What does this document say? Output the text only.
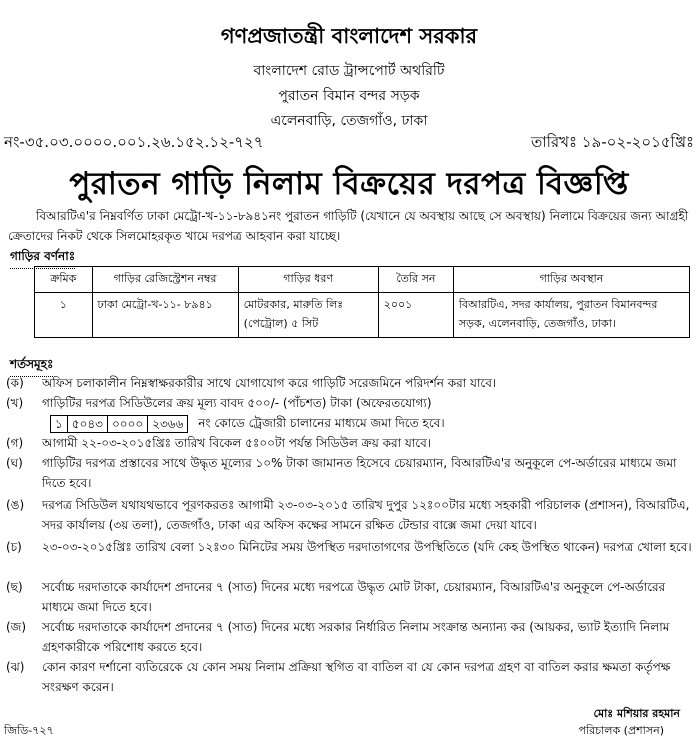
গণপ্রজাতন্ত্রী বাংলাদেশ সরকার
বাংলাদেশ রোড ট্রান্সপোর্ট অথরিটি
পুরাতন বিমান বন্দর সড়ক
এলেনবাড়ি, তেজগাঁও, ঢাকা
নং-৩৫.০৩.০০০০.০০১.২৬.১৫২.১২-৭২৭	তারিখঃ ১৯-০২-২০১৫খ্রিঃ
পুরাতন গাড়ি নিলাম বিক্রয়ের দরপত্র বিজ্ঞপ্তি
বিআরটিএ'র নিম্নবর্ণিত ঢাকা মেট্রো-খ-১১-৮৯৪১নং পুরাতন গাড়িটি (যেখানে যে অবস্থায় আছে সে অবস্থায়) নিলামে বিক্রয়ের জন্য আগ্রহী ক্রেতাদের নিকট থেকে সিলমোহরকৃত খামে দরপত্র আহবান করা যাচ্ছে।
গাড়ির বর্ণনাঃ
ক্রমিক	গাড়ির রেজিস্ট্রেশন নম্বর	গাড়ির ধরণ	তৈরি সন	গাড়ির অবস্থান
১	ঢাকা মেট্রো-খ-১১- ৮৯৪১	মোটরকার, মারুতি লিঃ (পেট্রোল) ৫ সিট	২০০১	বিআরটিএ, সদর কার্যালয়, পুরাতন বিমানবন্দর সড়ক, এলেনবাড়ি, তেজগাঁও, ঢাকা।
শর্তসমূহঃ
(ক) অফিস চলাকালীন নিম্নস্বাক্ষরকারীর সাথে যোগাযোগ করে গাড়িটি সরেজমিনে পরিদর্শন করা যাবে।
(খ) গাড়িটির দরপত্র সিডিউলের ক্রয় মূল্য বাবদ ৫০০/- (পাঁচশত) টাকা (অফেরতযোগ্য)

১ ৫০৪৩ ০০০০ ২৩৬৬	নং কোডে ট্রেজারী চালানের মাধ্যমে জমা দিতে হবে।
(গ) আগামী ২২-০৩-২০১৫খ্রিঃ তারিখ বিকেল ৫ঃ০০টা পর্যন্ত সিডিউল ক্রয় করা যাবে।
(ঘ) গাড়িটির দরপত্র প্রস্তাবের সাথে উদ্ধৃত মূল্যের ১০% টাকা জামানত হিসেবে চেয়ারম্যান, বিআরটিএ'র অনুকূলে পে-অর্ডারের মাধ্যমে জমা দিতে হবে।
(ঙ) দরপত্র সিডিউল যথাযথভাবে পূরণকরতঃ আগামী ২৩-০৩-২০১৫ তারিখ দুপুর ১২ঃ০০টার মধ্যে সহকারী পরিচালক (প্রশাসন), বিআরটিএ, সদর কার্যালয় (৩য় তলা), তেজগাঁও, ঢাকা এর অফিস কক্ষের সামনে রক্ষিত টেন্ডার বাক্সে জমা দেয়া যাবে।
(চ) ২৩-০৩-২০১৫খ্রিঃ তারিখ বেলা ১২ঃ৩০ মিনিটের সময় উপস্থিত দরদাতাগণের উপস্থিতিতে (যদি কেহ উপস্থিত থাকেন) দরপত্র খোলা হবে।
(ছ) সর্বোচ্চ দরদাতাকে কার্যাদেশ প্রদানের ৭ (সাত) দিনের মধ্যে দরপত্রে উদ্ধৃত মোট টাকা, চেয়ারম্যান, বিআরটিএ'র অনুকূলে পে-অর্ডারের মাধ্যমে জমা দিতে হবে।
(জ) সর্বোচ্চ দরদাতাকে কার্যাদেশ প্রদানের ৭ (সাত) দিনের মধ্যে সরকার নির্ধারিত নিলাম সংক্রান্ত অন্যান্য কর (আয়কর, ভ্যাট ইত্যাদি নিলাম গ্রহণকারীকে পরিশোধ করতে হবে।
(ঝ) কোন কারণ দর্শানো ব্যতিরেকে যে কোন সময় নিলাম প্রক্রিয়া স্থগিত বা বাতিল বা যে কোন দরপত্র গ্রহণ বা বাতিল করার ক্ষমতা কর্তৃপক্ষ সংরক্ষণ করেন।
মোঃ মশিয়ার রহমান
পরিচালক (প্রশাসন)
জিডি-৭২৭
